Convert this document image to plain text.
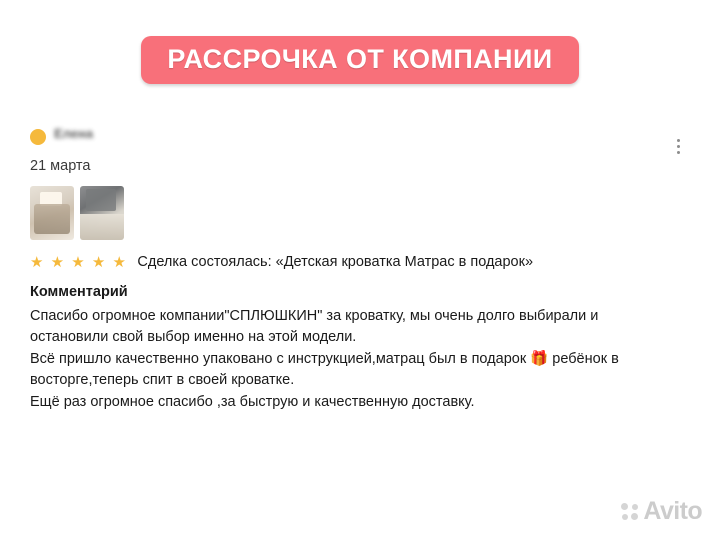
РАССРОЧКА ОТ КОМПАНИИ
Елена
21 марта
★ ★ ★ ★ ★ Сделка состоялась: «Детская кроватка Матрас в подарок»
Комментарий

Спасибо огромное компании"СПЛЮШКИН" за кроватку, мы очень долго выбирали и остановили свой выбор именно на этой модели.

Всё пришло качественно упаковано с инструкцией,матрац был в подарок 🎁 ребёнок в восторге,теперь спит в своей кроватке.

Ещё раз огромное спасибо ,за быструю и качественную доставку.

Avito
